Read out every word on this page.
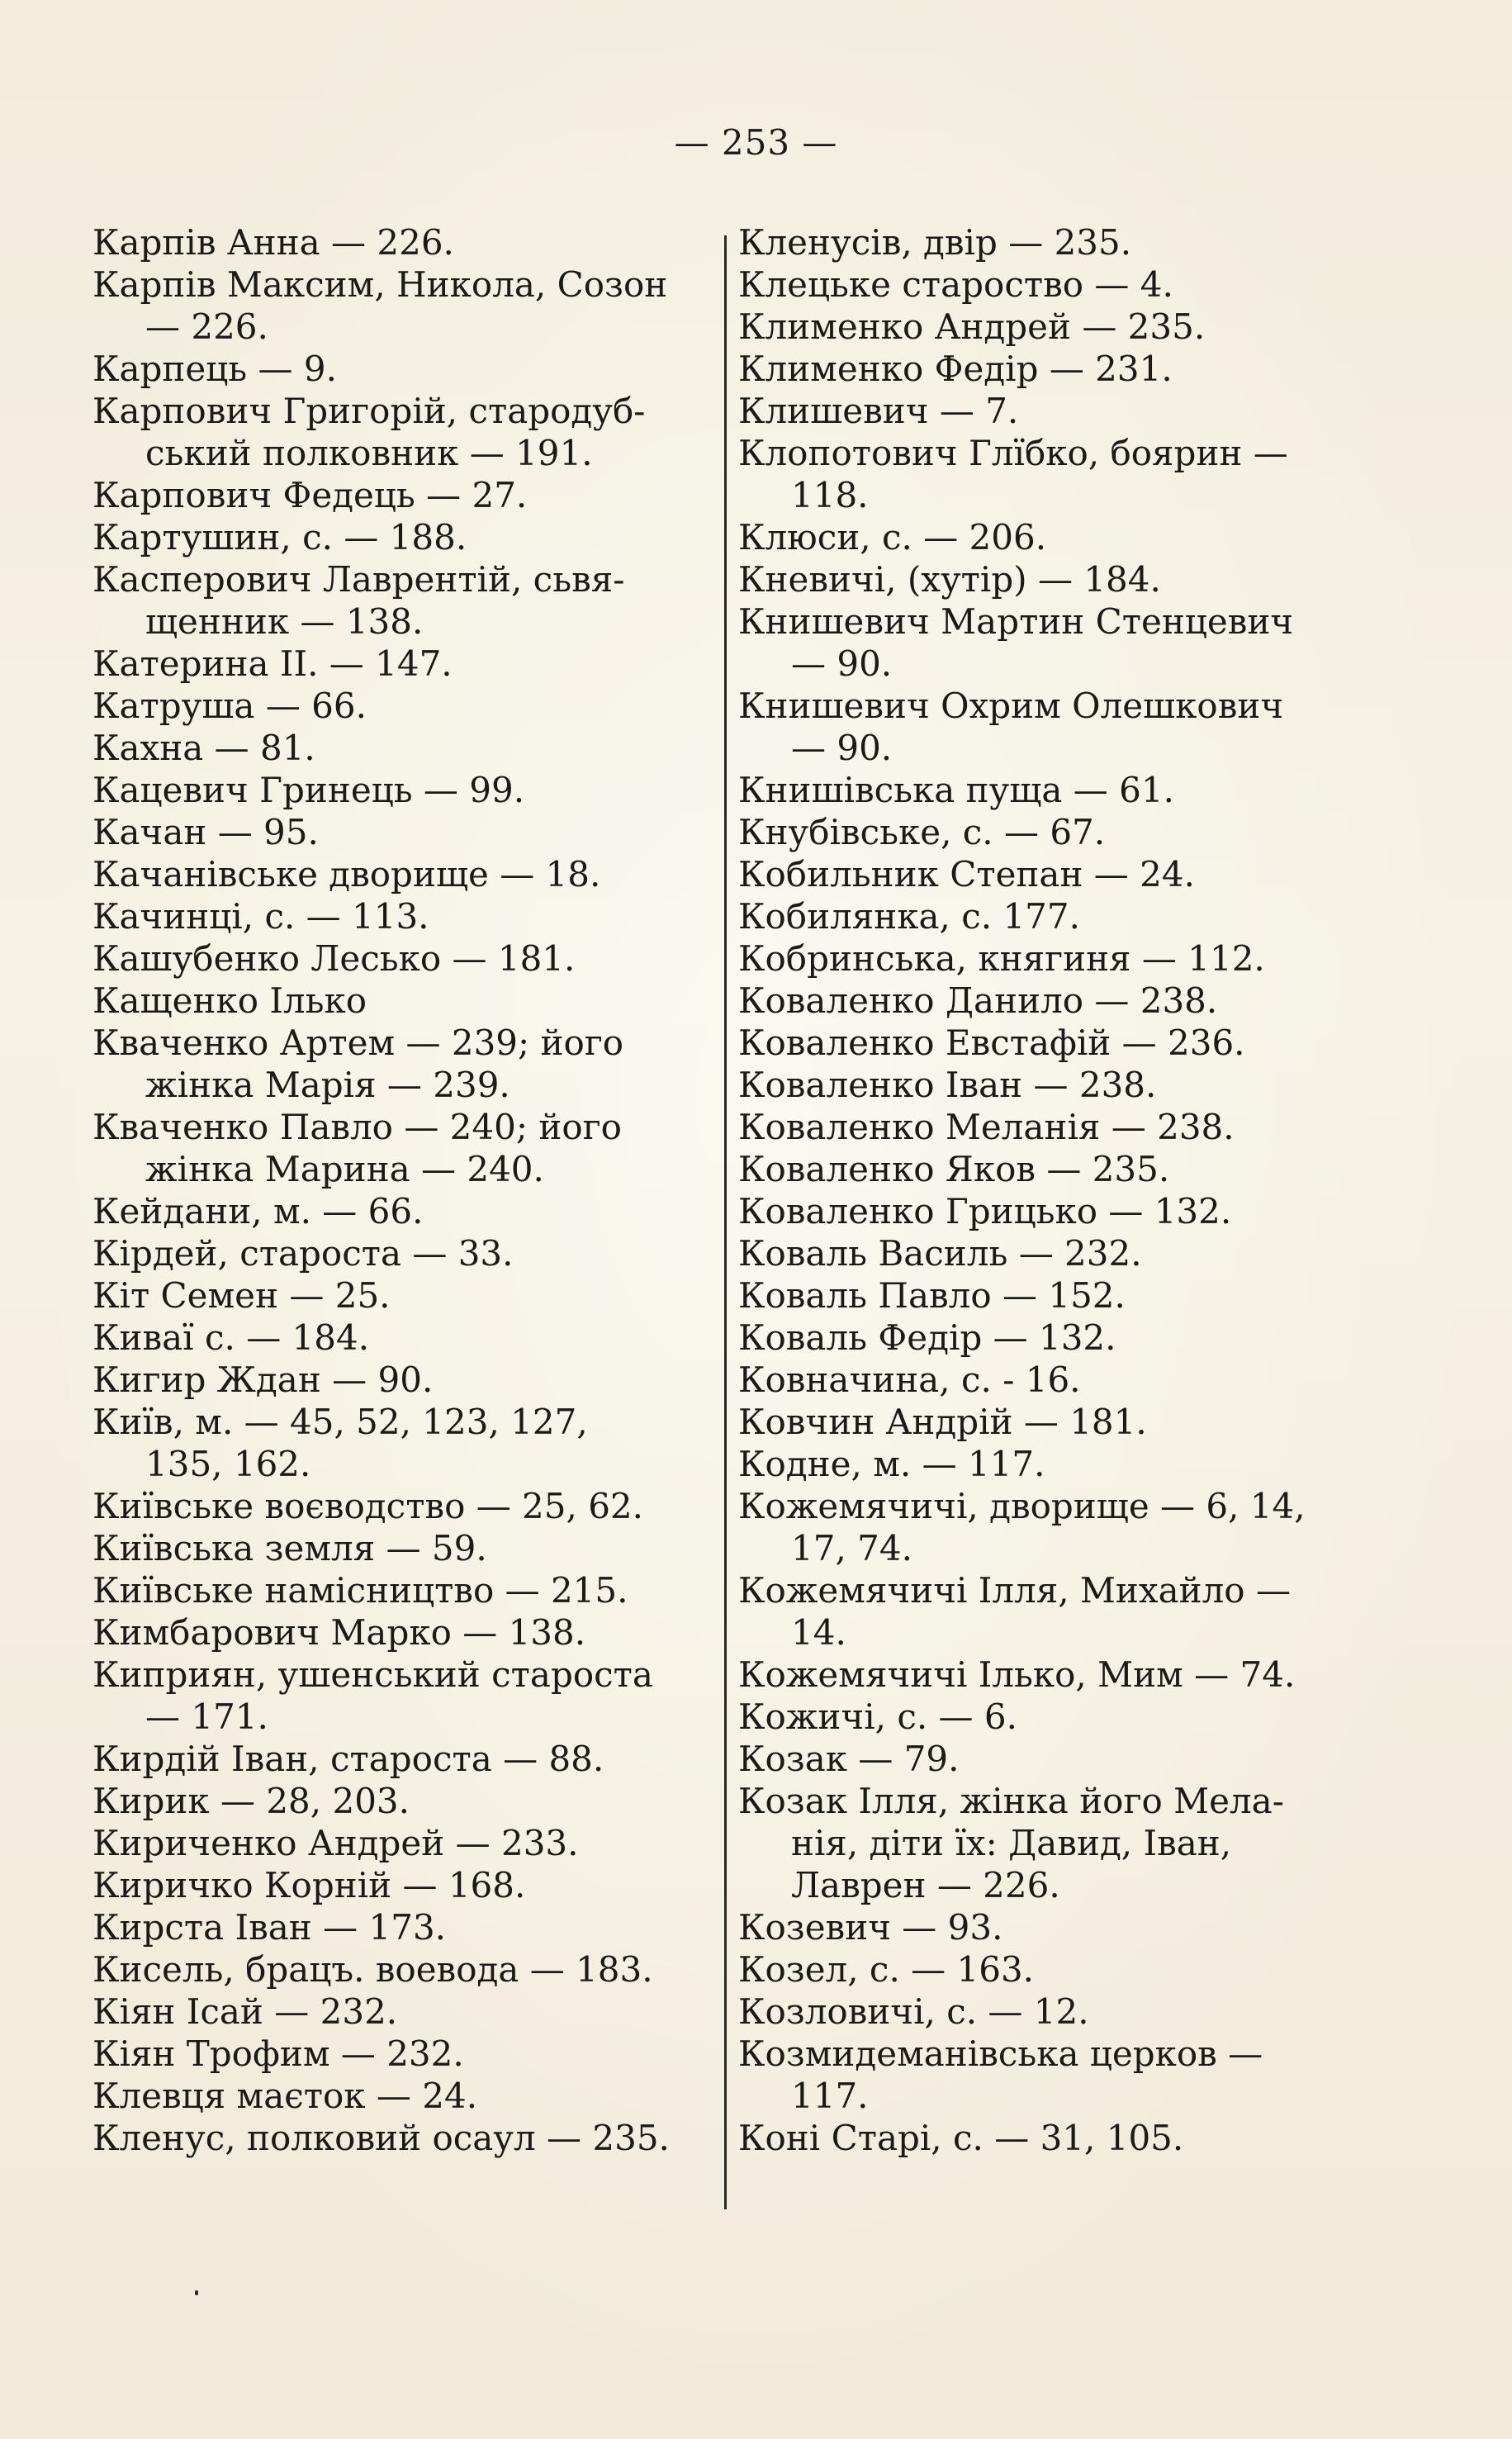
— 253 —
Карпів Анна — 226.
Карпів Максим, Никола, Созон
— 226.
Карпець — 9.
Карпович Григорій, стародуб-
ський полковник — 191.
Карпович Федець — 27.
Картушин, с. — 188.
Касперович Лаврентій, сьвя-
щенник — 138.
Катерина II. — 147.
Катруша — 66.
Кахна — 81.
Кацевич Гринець — 99.
Качан — 95.
Качанівське дворище — 18.
Качинці, с. — 113.
Кашубенко Лесько — 181.
Кащенко Iлько
Кваченко Артем — 239; його
жінка Марія — 239.
Кваченко Павло — 240; його
жінка Марина — 240.
Кейдани, м. — 66.
Кірдей, староста — 33.
Кіт Семен — 25.
Киваї с. — 184.
Кигир Ждан — 90.
Київ, м. — 45, 52, 123, 127,
135, 162.
Київське воєводство — 25, 62.
Київська земля — 59.
Київське намісництво — 215.
Кимбарович Марко — 138.
Киприян, ушенський староста
— 171.
Кирдій Іван, староста — 88.
Кирик — 28, 203.
Кириченко Андрей — 233.
Киричко Корній — 168.
Кирста Іван — 173.
Кисель, брацъ. воевода — 183.
Кіян Ісай — 232.
Кіян Трофим — 232.
Клевця маєток — 24.
Кленус, полковий осаул — 235.
Кленусів, двір — 235.
Клецьке староство — 4.
Клименко Андрей — 235.
Клименко Федір — 231.
Клишевич — 7.
Клопотович Глїбко, боярин —
118.
Клюси, с. — 206.
Кневичі, (хутір) — 184.
Книшевич Мартин Стенцевич
— 90.
Книшевич Охрим Олешкович
— 90.
Книшівська пуща — 61.
Кнубівське, с. — 67.
Кобильник Степан — 24.
Кобилянка, с. 177.
Кобринська, княгиня — 112.
Коваленко Данило — 238.
Коваленко Евстафій — 236.
Коваленко Іван — 238.
Коваленко Меланія — 238.
Коваленко Яков — 235.
Коваленко Грицько — 132.
Коваль Василь — 232.
Коваль Павло — 152.
Коваль Федір — 132.
Ковначина, с. - 16.
Ковчин Андрій — 181.
Кодне, м. — 117.
Кожемячичі, дворище — 6, 14,
17, 74.
Кожемячичі Ілля, Михайло —
14.
Кожемячичі Iлько, Мим — 74.
Кожичі, с. — 6.
Козак — 79.
Козак Ілля, жінка його Мела-
нія, діти їх: Давид, Іван,
Лаврен — 226.
Козевич — 93.
Козел, с. — 163.
Козловичі, с. — 12.
Козмидеманівська церков —
117.
Коні Старі, с. — 31, 105.
